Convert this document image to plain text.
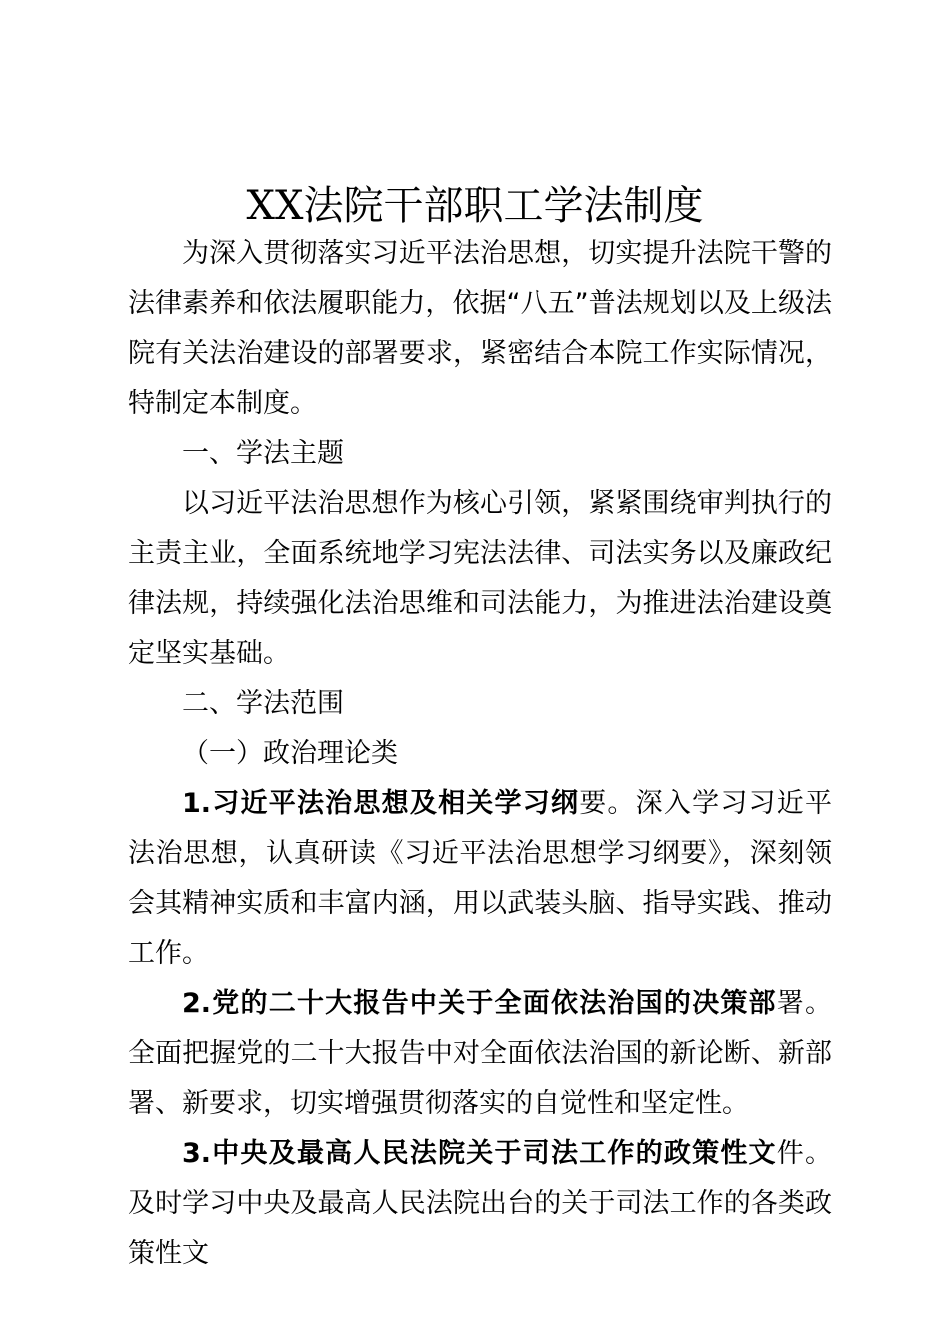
XX法院干部职工学法制度

为深入贯彻落实习近平法治思想，切实提升法院干警的法律素养和依法履职能力，依据“八五”普法规划以及上级法院有关法治建设的部署要求，紧密结合本院工作实际情况，特制定本制度。

一、学法主题

以习近平法治思想作为核心引领，紧紧围绕审判执行的主责主业，全面系统地学习宪法法律、司法实务以及廉政纪律法规，持续强化法治思维和司法能力，为推进法治建设奠定坚实基础。

二、学法范围

（一）政治理论类

1.习近平法治思想及相关学习纲要。深入学习习近平法治思想，认真研读《习近平法治思想学习纲要》，深刻领会其精神实质和丰富内涵，用以武装头脑、指导实践、推动工作。

2.党的二十大报告中关于全面依法治国的决策部署。全面把握党的二十大报告中对全面依法治国的新论断、新部署、新要求，切实增强贯彻落实的自觉性和坚定性。

3.中央及最高人民法院关于司法工作的政策性文件。及时学习中央及最高人民法院出台的关于司法工作的各类政策性文
